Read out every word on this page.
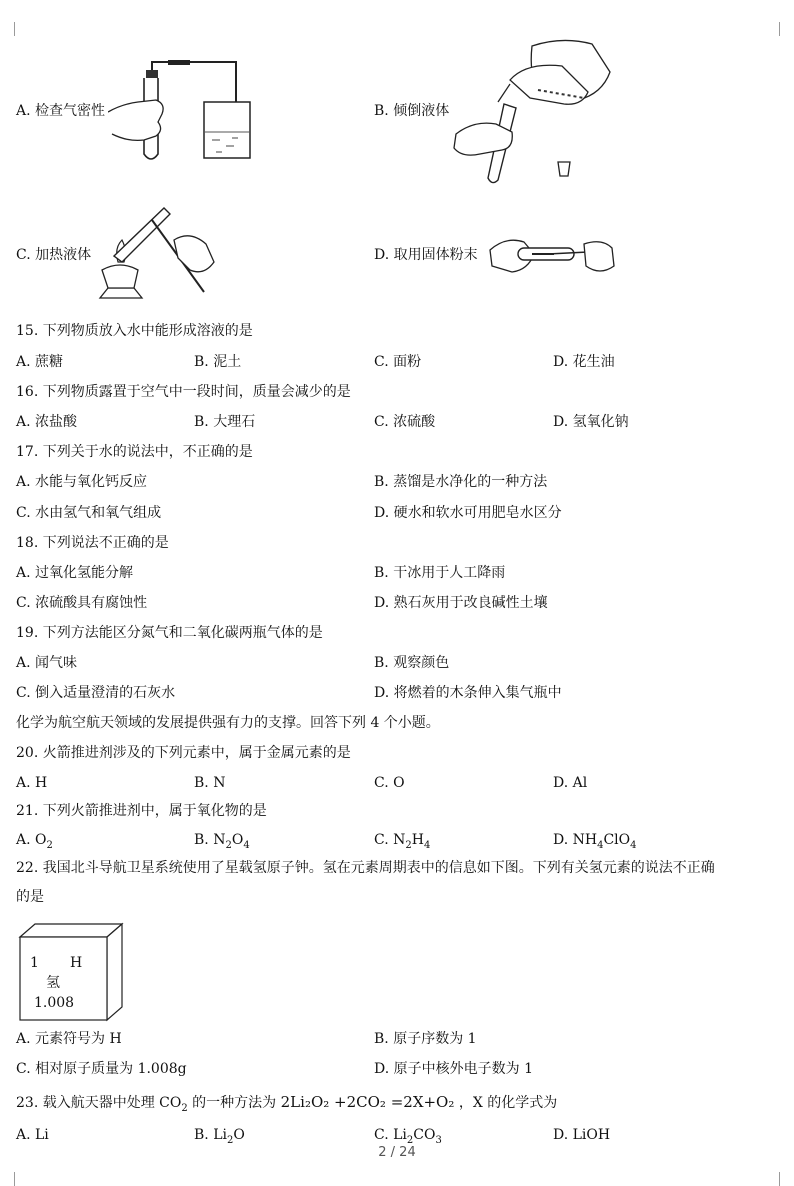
A. 检查气密性	B. 倾倒液体
C. 加热液体	D. 取用固体粉末
15. 下列物质放入水中能形成溶液的是
A. 蔗糖	B. 泥土	C. 面粉	D. 花生油
16. 下列物质露置于空气中一段时间，质量会减少的是
A. 浓盐酸	B. 大理石	C. 浓硫酸	D. 氢氧化钠
17. 下列关于水的说法中，不正确的是
A. 水能与氧化钙反应	B. 蒸馏是水净化的一种方法
C. 水由氢气和氧气组成	D. 硬水和软水可用肥皂水区分
18. 下列说法不正确的是
A. 过氧化氢能分解	B. 干冰用于人工降雨
C. 浓硫酸具有腐蚀性	D. 熟石灰用于改良碱性土壤
19. 下列方法能区分氮气和二氧化碳两瓶气体的是
A. 闻气味	B. 观察颜色
C. 倒入适量澄清的石灰水	D. 将燃着的木条伸入集气瓶中
化学为航空航天领域的发展提供强有力的支撑。回答下列 4 个小题。
20. 火箭推进剂涉及的下列元素中，属于金属元素的是
A. H	B. N	C. O	D. Al
21. 下列火箭推进剂中，属于氧化物的是
A. $O_2$	B. $N_2O_4$	C. $N_2H_4$	D. $NH_4ClO_4$
22. 我国北斗导航卫星系统使用了星载氢原子钟。氢在元素周期表中的信息如下图。下列有关氢元素的说法不正确
的是
1 H
氢
1.008
A. 元素符号为 H	B. 原子序数为 1
C. 相对原子质量为 1.008g	D. 原子中核外电子数为 1
23. 载入航天器中处理 $CO_2$ 的一种方法为 2Li₂O₂ +2CO₂ =2X+O₂ ，X 的化学式为
A. Li	B. $Li_2O$	C. $Li_2CO_3$	D. LiOH
2 / 24
